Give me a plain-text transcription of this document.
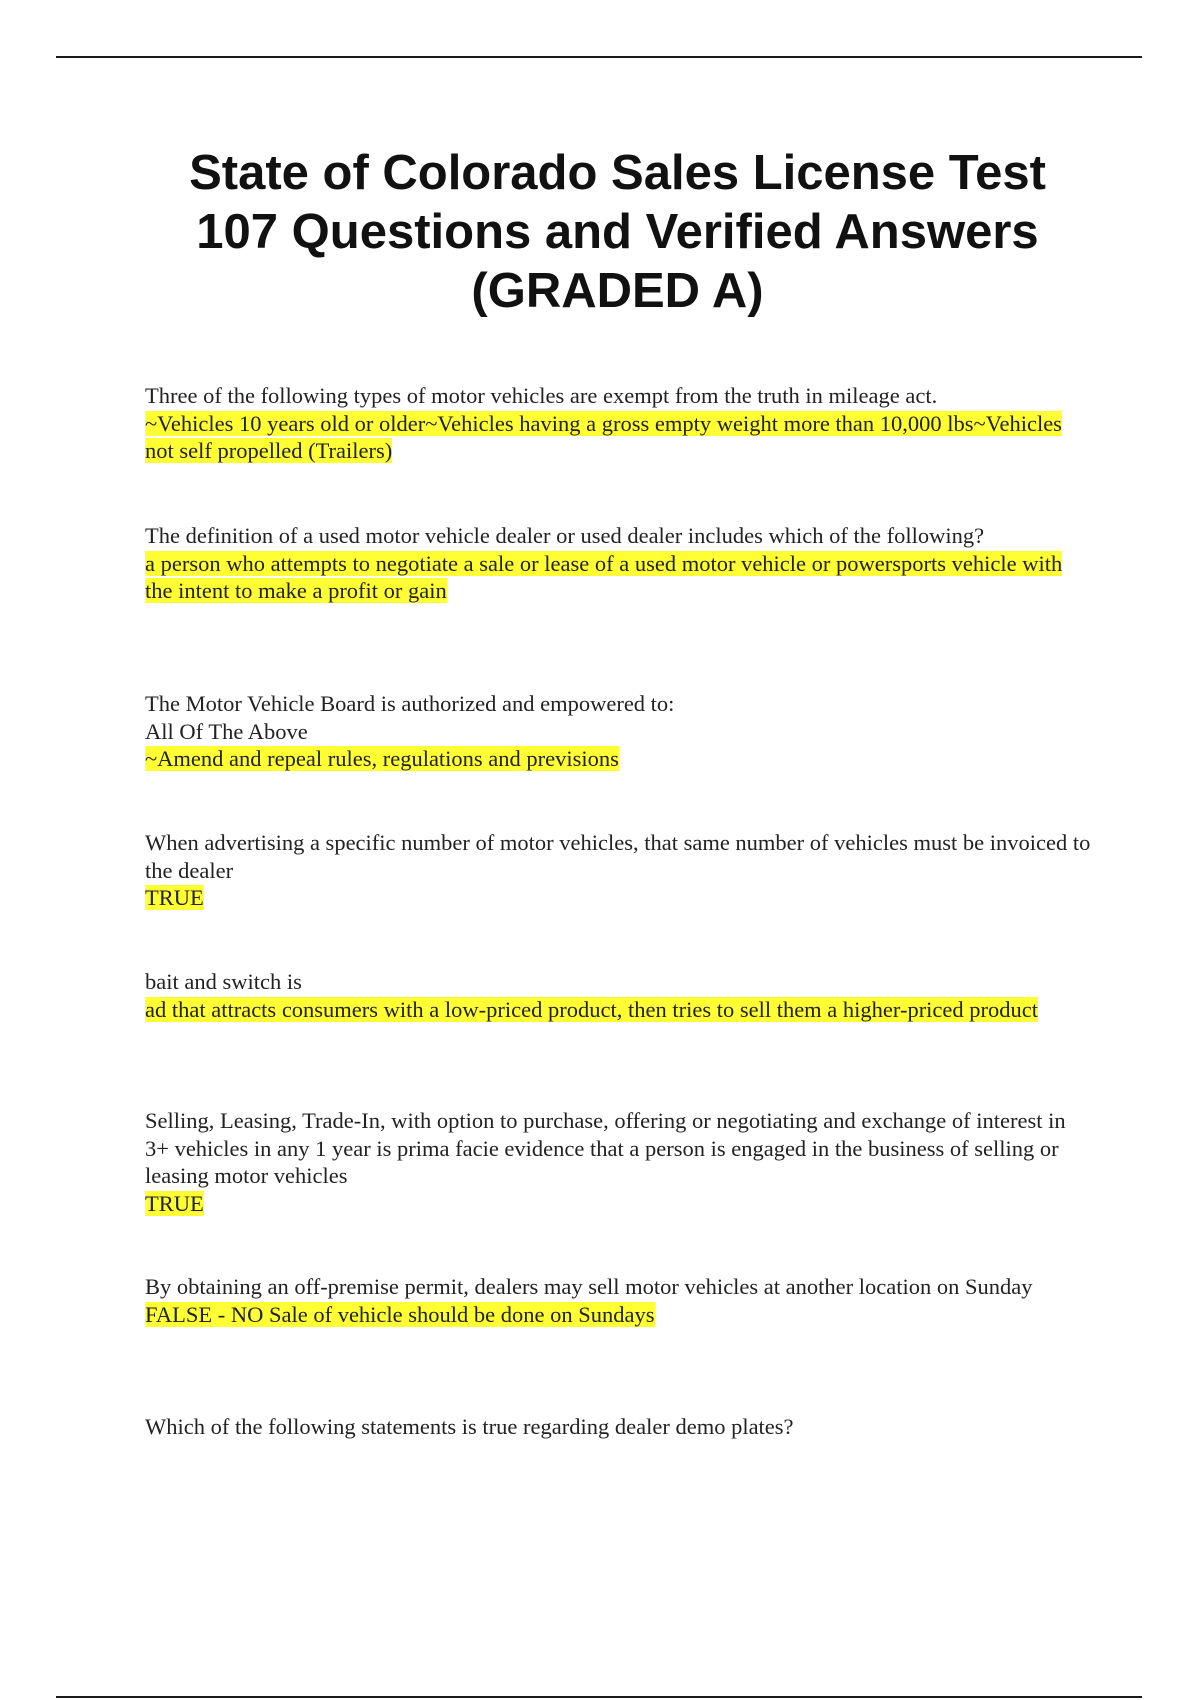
State of Colorado Sales License Test
107 Questions and Verified Answers
(GRADED A)

Three of the following types of motor vehicles are exempt from the truth in mileage act.

~Vehicles 10 years old or older~Vehicles having a gross empty weight more than 10,000 lbs~Vehicles not self propelled (Trailers)

The definition of a used motor vehicle dealer or used dealer includes which of the following?

a person who attempts to negotiate a sale or lease of a used motor vehicle or powersports vehicle with the intent to make a profit or gain

The Motor Vehicle Board is authorized and empowered to:

All Of The Above

~Amend and repeal rules, regulations and previsions

When advertising a specific number of motor vehicles, that same number of vehicles must be invoiced to the dealer

TRUE

bait and switch is

ad that attracts consumers with a low-priced product, then tries to sell them a higher-priced product

Selling, Leasing, Trade-In, with option to purchase, offering or negotiating and exchange of interest in 3+ vehicles in any 1 year is prima facie evidence that a person is engaged in the business of selling or leasing motor vehicles

TRUE

By obtaining an off-premise permit, dealers may sell motor vehicles at another location on Sunday

FALSE - NO Sale of vehicle should be done on Sundays

Which of the following statements is true regarding dealer demo plates?
